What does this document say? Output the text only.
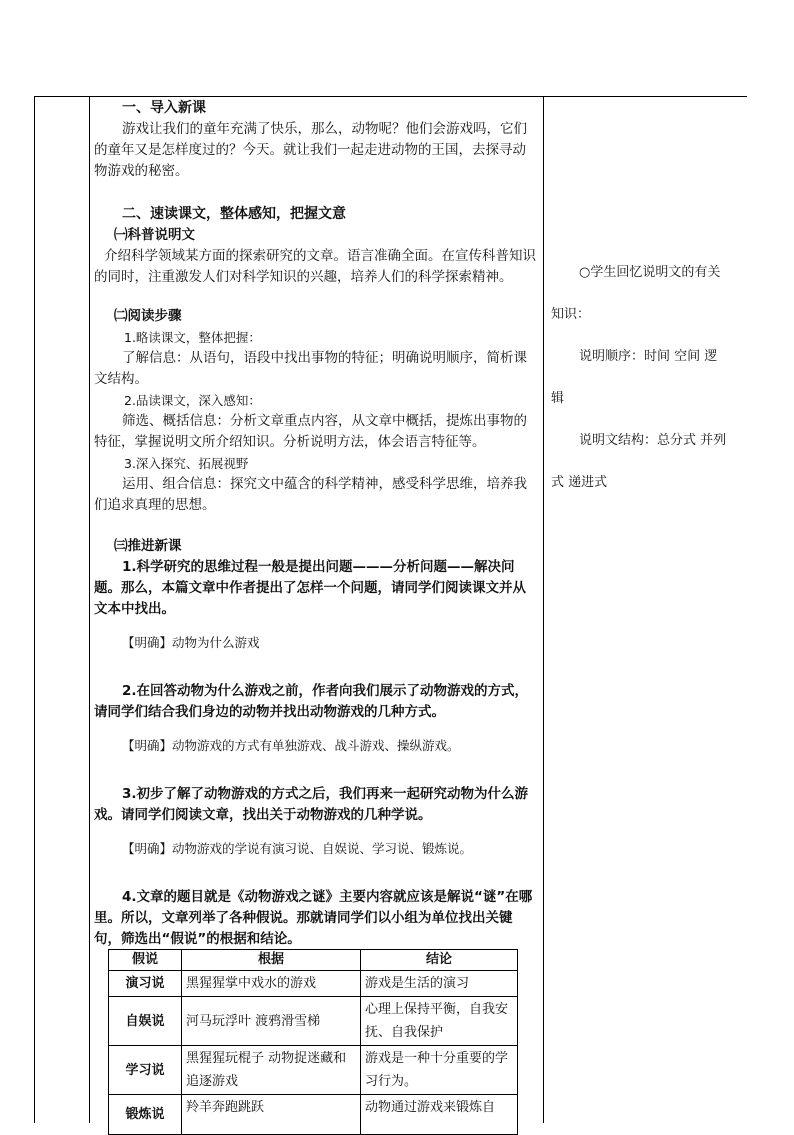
一、导入新课

游戏让我们的童年充满了快乐，那么，动物呢？他们会游戏吗，它们的童年又是怎样度过的？今天。就让我们一起走进动物的王国，去探寻动物游戏的秘密。

二、速读课文，整体感知，把握文意

㈠科普说明文

介绍科学领域某方面的探索研究的文章。语言准确全面。在宣传科普知识的同时，注重激发人们对科学知识的兴趣，培养人们的科学探索精神。

㈡阅读步骤

1.略读课文，整体把握：

了解信息：从语句，语段中找出事物的特征；明确说明顺序，简析课文结构。

2.品读课文，深入感知：

筛选、概括信息：分析文章重点内容，从文章中概括，提炼出事物的特征，掌握说明文所介绍知识。分析说明方法，体会语言特征等。

3.深入探究、拓展视野

运用、组合信息：探究文中蕴含的科学精神，感受科学思维，培养我们追求真理的思想。

㈢推进新课

1.科学研究的思维过程一般是提出问题———分析问题——解决问题。那么，本篇文章中作者提出了怎样一个问题，请同学们阅读课文并从文本中找出。

【明确】动物为什么游戏

2.在回答动物为什么游戏之前，作者向我们展示了动物游戏的方式，请同学们结合我们身边的动物并找出动物游戏的几种方式。

【明确】动物游戏的方式有单独游戏、战斗游戏、操纵游戏。

3.初步了解了动物游戏的方式之后，我们再来一起研究动物为什么游戏。请同学们阅读文章，找出关于动物游戏的几种学说。

【明确】动物游戏的学说有演习说、自娱说、学习说、锻炼说。

4.文章的题目就是《动物游戏之谜》主要内容就应该是解说“谜”在哪里。所以，文章列举了各种假说。那就请同学们以小组为单位找出关键句，筛选出“假说”的根据和结论。

假说	根据	结论
演习说	黑猩猩掌中戏水的游戏	游戏是生活的演习
自娱说	河马玩浮叶 渡鸦滑雪梯	心理上保持平衡，自我安抚、自我保护
学习说	黑猩猩玩棍子 动物捉迷藏和追逐游戏	游戏是一种十分重要的学习行为。
锻炼说	羚羊奔跑跳跃	动物通过游戏来锻炼自

○学生回忆说明文的有关

知识：

说明顺序：时间 空间 逻

辑

说明文结构：总分式 并列

式 递进式
